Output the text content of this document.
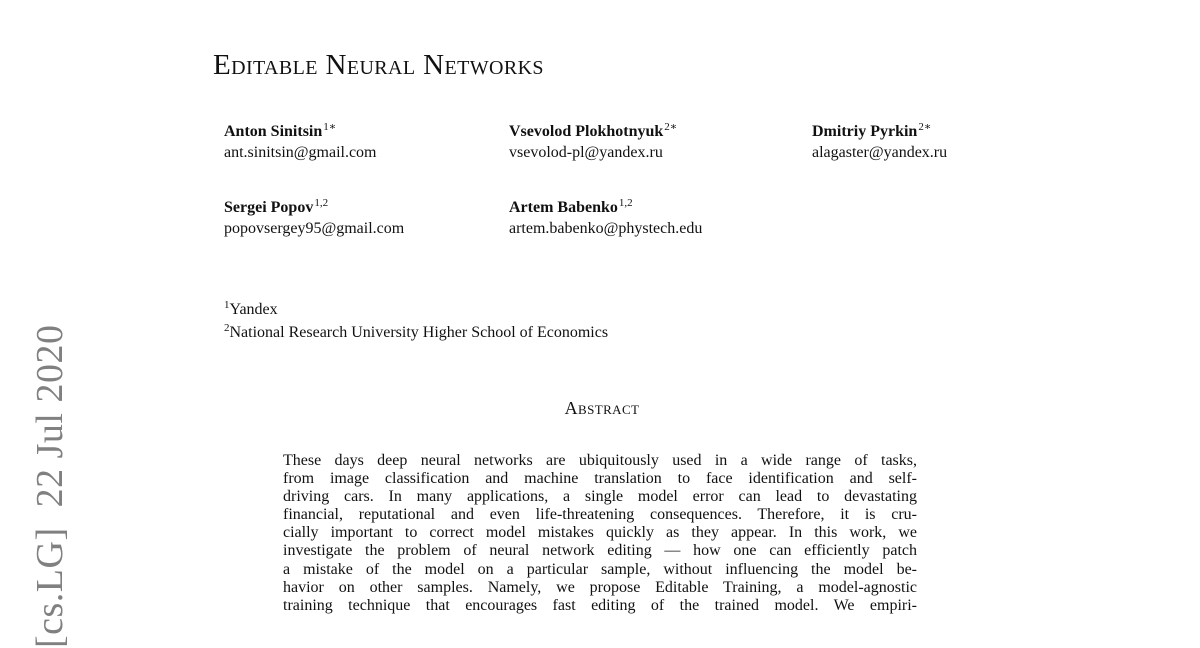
[cs.LG]22 Jul 2020
Editable Neural Networks
Anton Sinitsin$^{1∗}$
ant.sinitsin@gmail.com
Vsevolod Plokhotnyuk$^{2∗}$
vsevolod-pl@yandex.ru
Dmitriy Pyrkin$^{2∗}$
alagaster@yandex.ru
Sergei Popov$^{1,2}$
popovsergey95@gmail.com
Artem Babenko$^{1,2}$
artem.babenko@phystech.edu
$^1$Yandex
$^2$National Research University Higher School of Economics
Abstract
These days deep neural networks are ubiquitously used in a wide range of tasks,
from image classification and machine translation to face identification and self-
driving cars. In many applications, a single model error can lead to devastating
financial, reputational and even life-threatening consequences. Therefore, it is cru-
cially important to correct model mistakes quickly as they appear. In this work, we
investigate the problem of neural network editing — how one can efficiently patch
a mistake of the model on a particular sample, without influencing the model be-
havior on other samples. Namely, we propose Editable Training, a model-agnostic
training technique that encourages fast editing of the trained model. We empiri-
